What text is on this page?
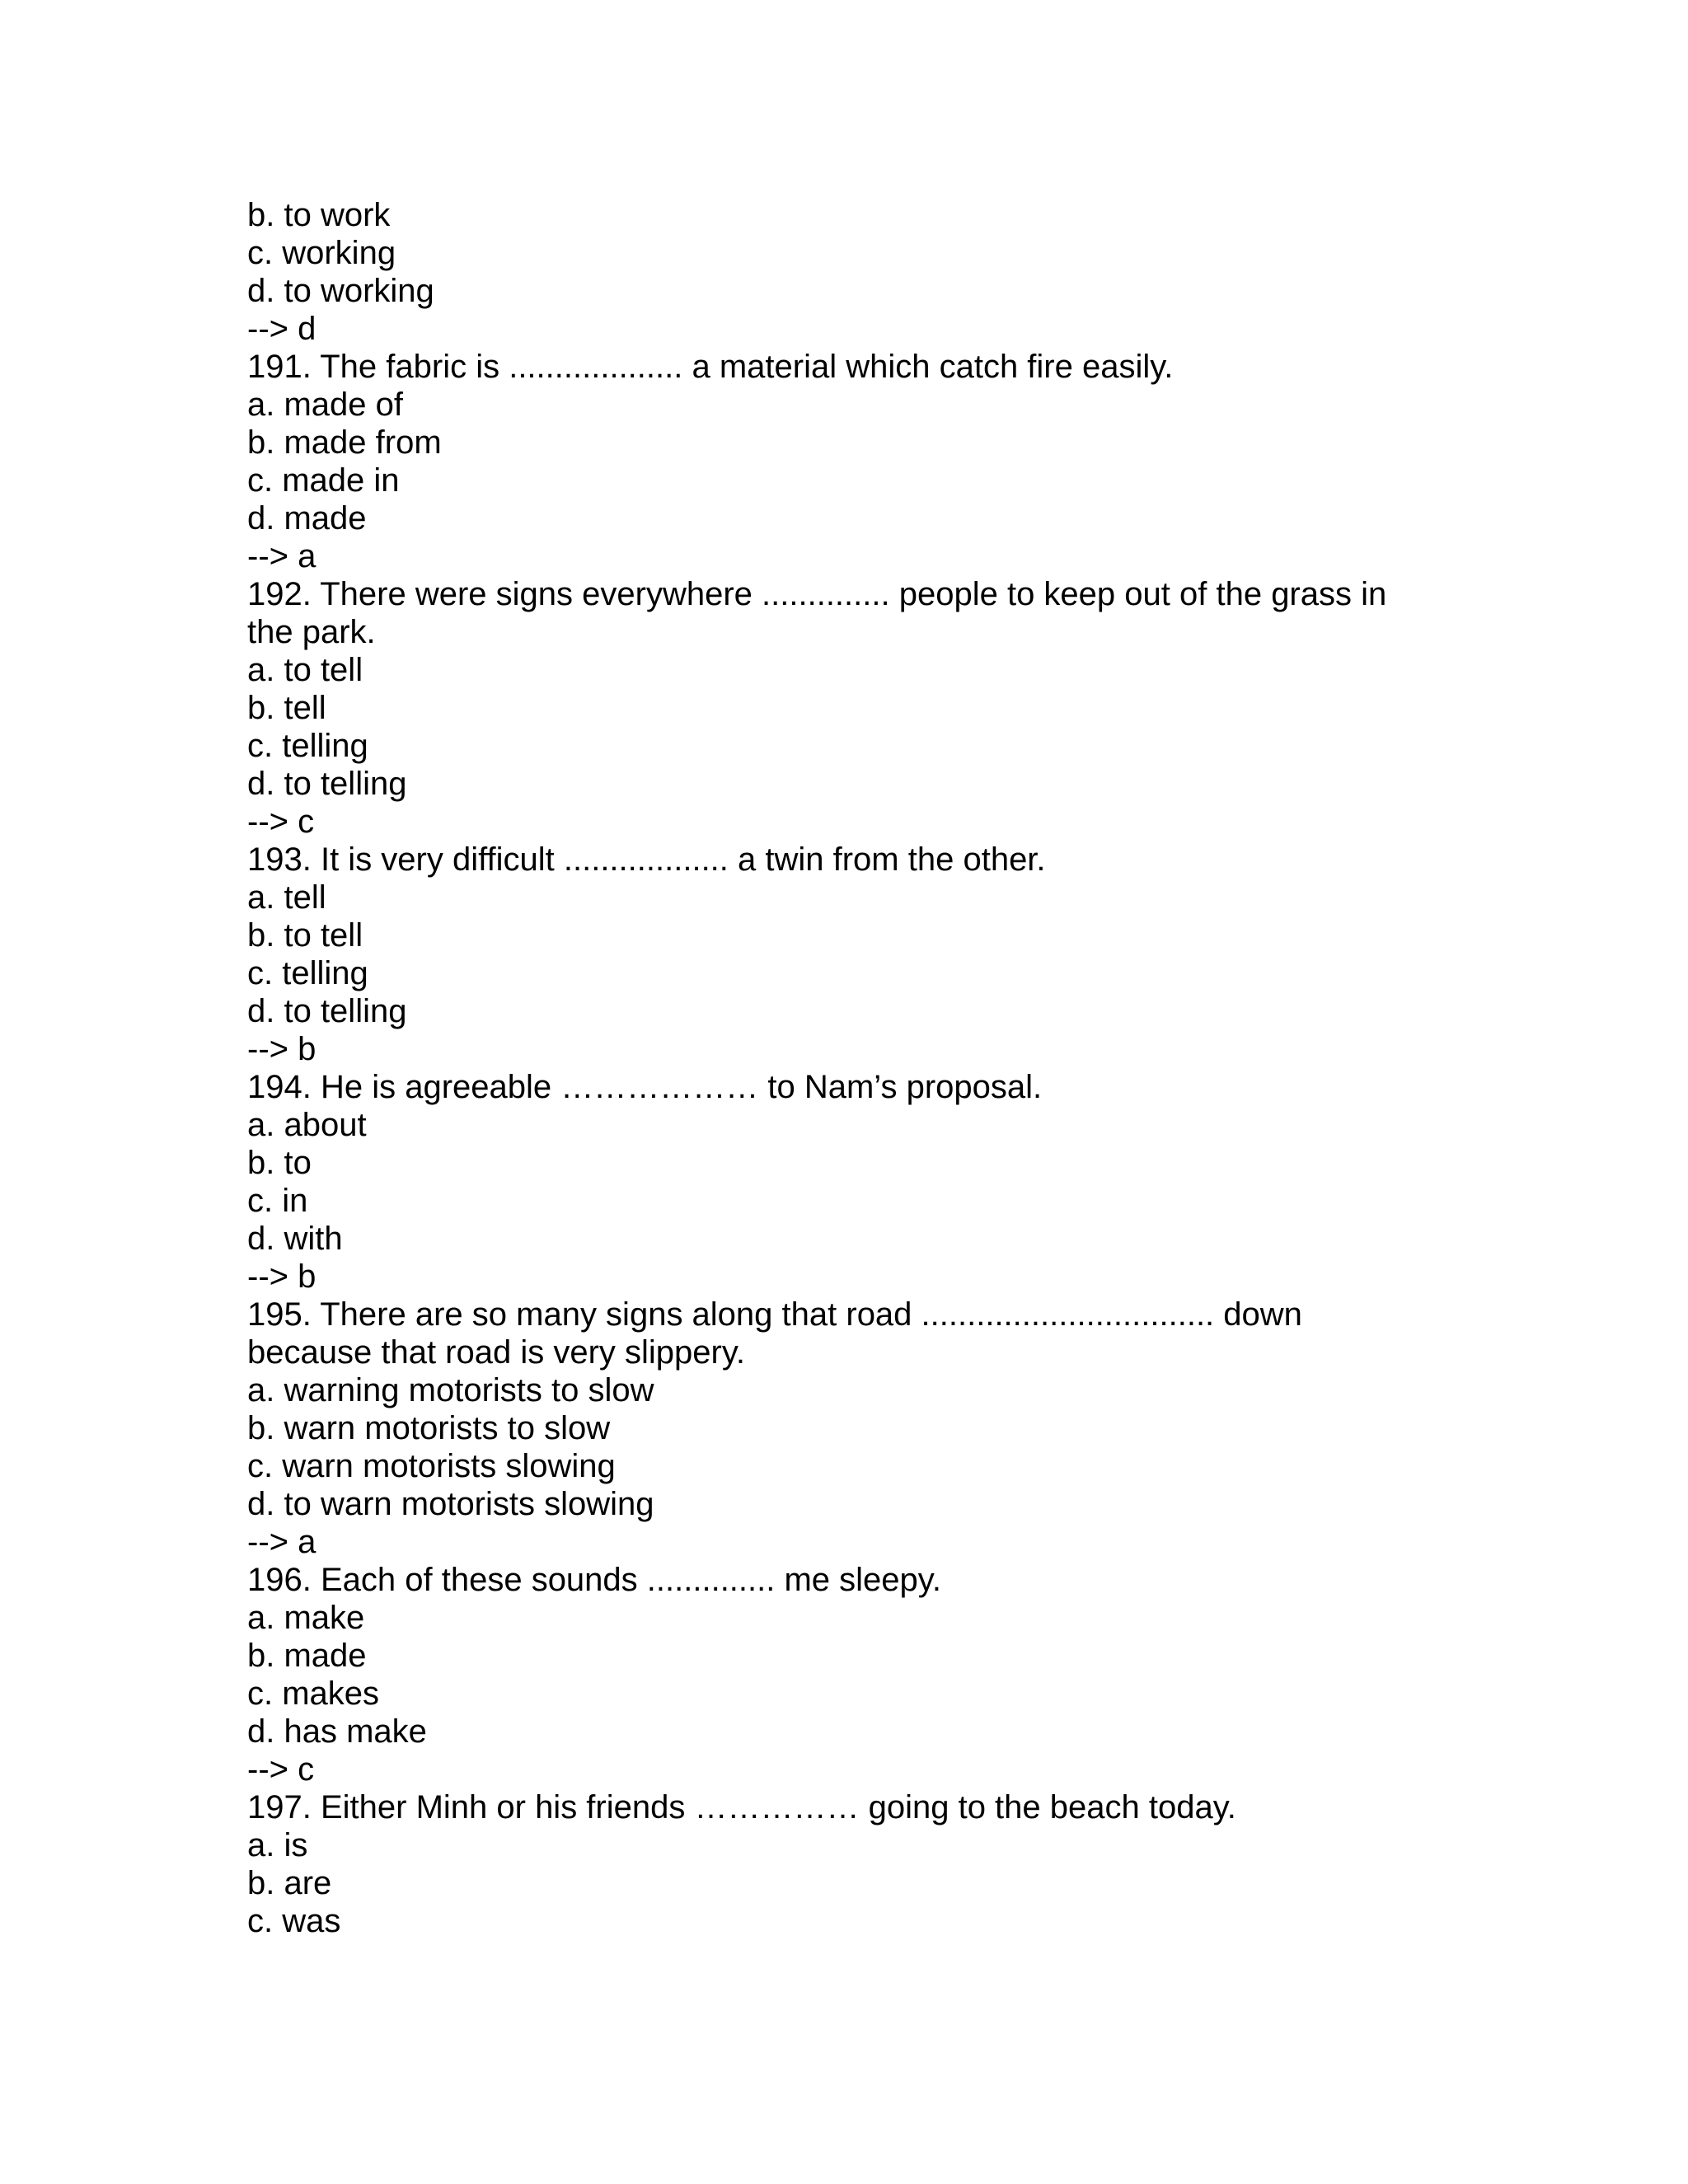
b. to work
c. working
d. to working
--> d
191. The fabric is ................... a material which catch fire easily.
a. made of
b. made from
c. made in
d. made
--> a
192. There were signs everywhere .............. people to keep out of the grass in
the park.
a. to tell
b. tell
c. telling
d. to telling
--> c
193. It is very difficult .................. a twin from the other.
a. tell
b. to tell
c. telling
d. to telling
--> b
194. He is agreeable ……………… to Nam’s proposal.
a. about
b. to
c. in
d. with
--> b
195. There are so many signs along that road ................................ down
because that road is very slippery.
a. warning motorists to slow
b. warn motorists to slow
c. warn motorists slowing
d. to warn motorists slowing
--> a
196. Each of these sounds .............. me sleepy.
a. make
b. made
c. makes
d. has make
--> c
197. Either Minh or his friends …………… going to the beach today.
a. is
b. are
c. was
